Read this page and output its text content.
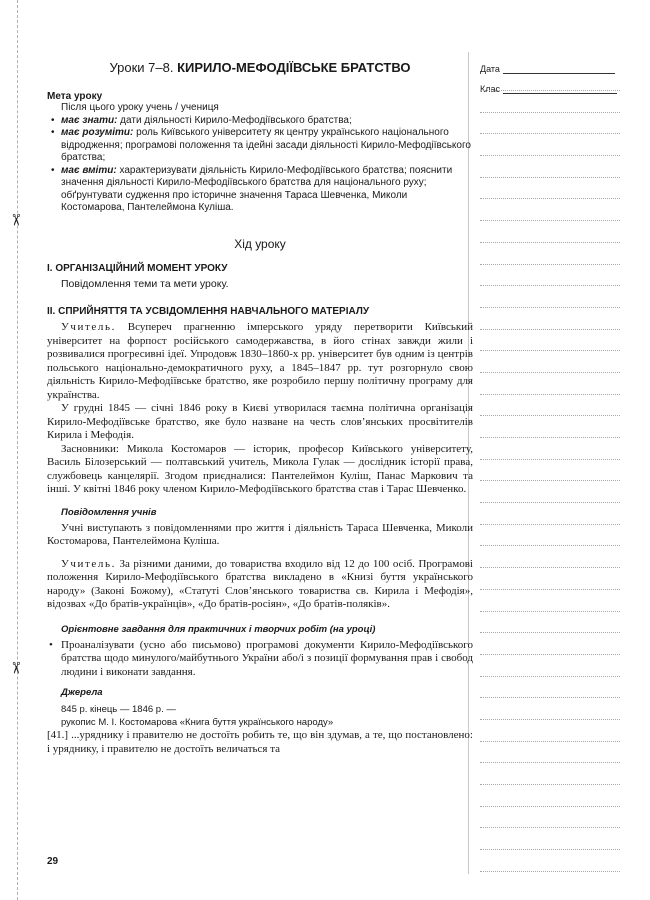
✂
✂
Дата
Клас
Уроки 7–8. КИРИЛО-МЕФОДІЇВСЬКЕ БРАТСТВО

Мета уроку

Після цього уроку учень / учениця

• має знати: дати діяльності Кирило-Мефодіївського братства;
• має розуміти: роль Київського університету як центру українського національного відродження; програмові положення та ідейні засади діяльності Кирило-Мефодіївського братства;
• має вміти: характеризувати діяльність Кирило-Мефодіївського братства; пояснити значення діяльності Кирило-Мефодіївського братства для національного руху; обґрунтувати судження про історичне значення Тараса Шевченка, Миколи Костомарова, Пантелеймона Куліша.
Хід уроку

I. ОРГАНІЗАЦІЙНИЙ МОМЕНТ УРОКУ

Повідомлення теми та мети уроку.

II. СПРИЙНЯТТЯ ТА УСВІДОМЛЕННЯ НАВЧАЛЬНОГО МАТЕРІАЛУ

Учитель. Всупереч прагненню імперського уряду перетворити Київський університет на форпост російського самодержавства, в його стінах завжди жили і розвивалися прогресивні ідеї. Упродовж 1830–1860-х рр. університет був одним із центрів польського національно-демократичного руху, а 1845–1847 рр. тут розгорнуло свою діяльність Кирило-Мефодіївське братство, яке розробило першу політичну програму для українства.

У грудні 1845 — січні 1846 року в Києві утворилася таємна політична організація Кирило-Мефодіївське братство, яке було назване на честь слов’янських просвітителів Кирила і Мефодія.

Засновники: Микола Костомаров — історик, професор Київського університету, Василь Білозерський — полтавський учитель, Микола Гулак — дослідник історії права, службовець канцелярії. Згодом приєдналися: Пантелеймон Куліш, Панас Маркович та інші. У квітні 1846 року членом Кирило-Мефодіївського братства став і Тарас Шевченко.

Повідомлення учнів

Учні виступають з повідомленнями про життя і діяльність Тараса Шевченка, Миколи Костомарова, Пантелеймона Куліша.

Учитель. За різними даними, до товариства входило від 12 до 100 осіб. Програмові положення Кирило-Мефодіївського братства викладено в «Книзі буття українського народу» (Законі Божому), «Статуті Слов’янського товариства св. Кирила і Мефодія», відозвах «До братів-українців», «До братів-росіян», «До братів-поляків».

Орієнтовне завдання для практичних і творчих робіт (на уроці)

• Проаналізувати (усно або письмово) програмові документи Кирило-Мефодіївського братства щодо минулого/майбутнього України або/і з позиції формування прав і свобод людини і виконати завдання.

Джерела

845 р. кінець — 1846 р. —

рукопис М. І. Костомарова «Книга буття українського народу»

[41.] ...уряднику і правителю не достоїть робить те, що він здумав, а те, що постановлено: і уряднику, і правителю не достоїть величаться та

29
